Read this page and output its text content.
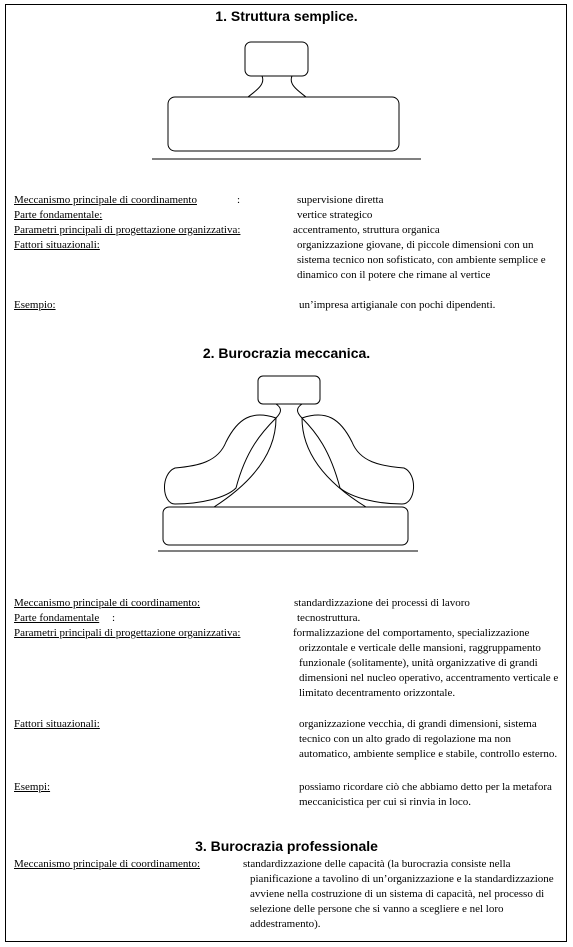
1. Struttura semplice.
Meccanismo principale di coordinamento	:	supervisione diretta
Parte fondamentale:	vertice strategico
Parametri principali di progettazione organizzativa:	accentramento, struttura organica
Fattori situazionali:	organizzazione giovane, di piccole dimensioni con un sistema tecnico non sofisticato, con ambiente semplice e dinamico con il potere che rimane al vertice
Esempio:	un’impresa artigianale con pochi dipendenti.
2. Burocrazia meccanica.
Meccanismo principale di coordinamento:	standardizzazione dei processi di lavoro
Parte fondamentale :	tecnostruttura.
Parametri principali di progettazione organizzativa:	formalizzazione del comportamento, specializzazione orizzontale e verticale delle mansioni, raggruppamento funzionale (solitamente), unità organizzative di grandi dimensioni nel nucleo operativo, accentramento verticale e limitato decentramento orizzontale.
Fattori situazionali:	organizzazione vecchia, di grandi dimensioni, sistema tecnico con un alto grado di regolazione ma non automatico, ambiente semplice e stabile, controllo esterno.
Esempi:	possiamo ricordare ciò che abbiamo detto per la metafora meccanicistica per cui si rinvia in loco.
3. Burocrazia professionale
Meccanismo principale di coordinamento:	standardizzazione delle capacità (la burocrazia consiste nella pianificazione a tavolino di un’organizzazione e la standardizzazione avviene nella costruzione di un sistema di capacità, nel processo di selezione delle persone che si vanno a scegliere e nel loro addestramento).
